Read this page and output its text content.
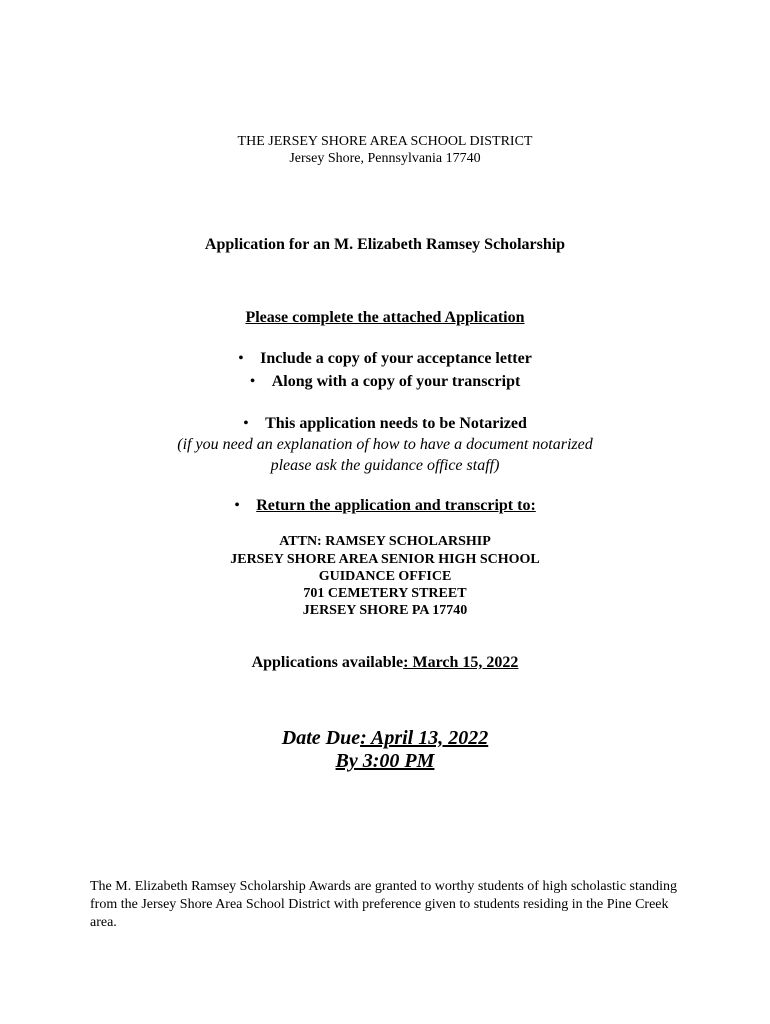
THE JERSEY SHORE AREA SCHOOL DISTRICT
Jersey Shore, Pennsylvania 17740
Application for an M. Elizabeth Ramsey Scholarship
Please complete the attached Application
•	Include a copy of your acceptance letter
•	Along with a copy of your transcript
•	This application needs to be Notarized
(if you need an explanation of how to have a document notarized
please ask the guidance office staff)
•	Return the application and transcript to:
ATTN: RAMSEY SCHOLARSHIP
JERSEY SHORE AREA SENIOR HIGH SCHOOL
GUIDANCE OFFICE
701 CEMETERY STREET
JERSEY SHORE PA 17740
Applications available: March 15, 2022
Date Due: April 13, 2022
By 3:00 PM
The M. Elizabeth Ramsey Scholarship Awards are granted to worthy students of high scholastic standing from the Jersey Shore Area School District with preference given to students residing in the Pine Creek area.
